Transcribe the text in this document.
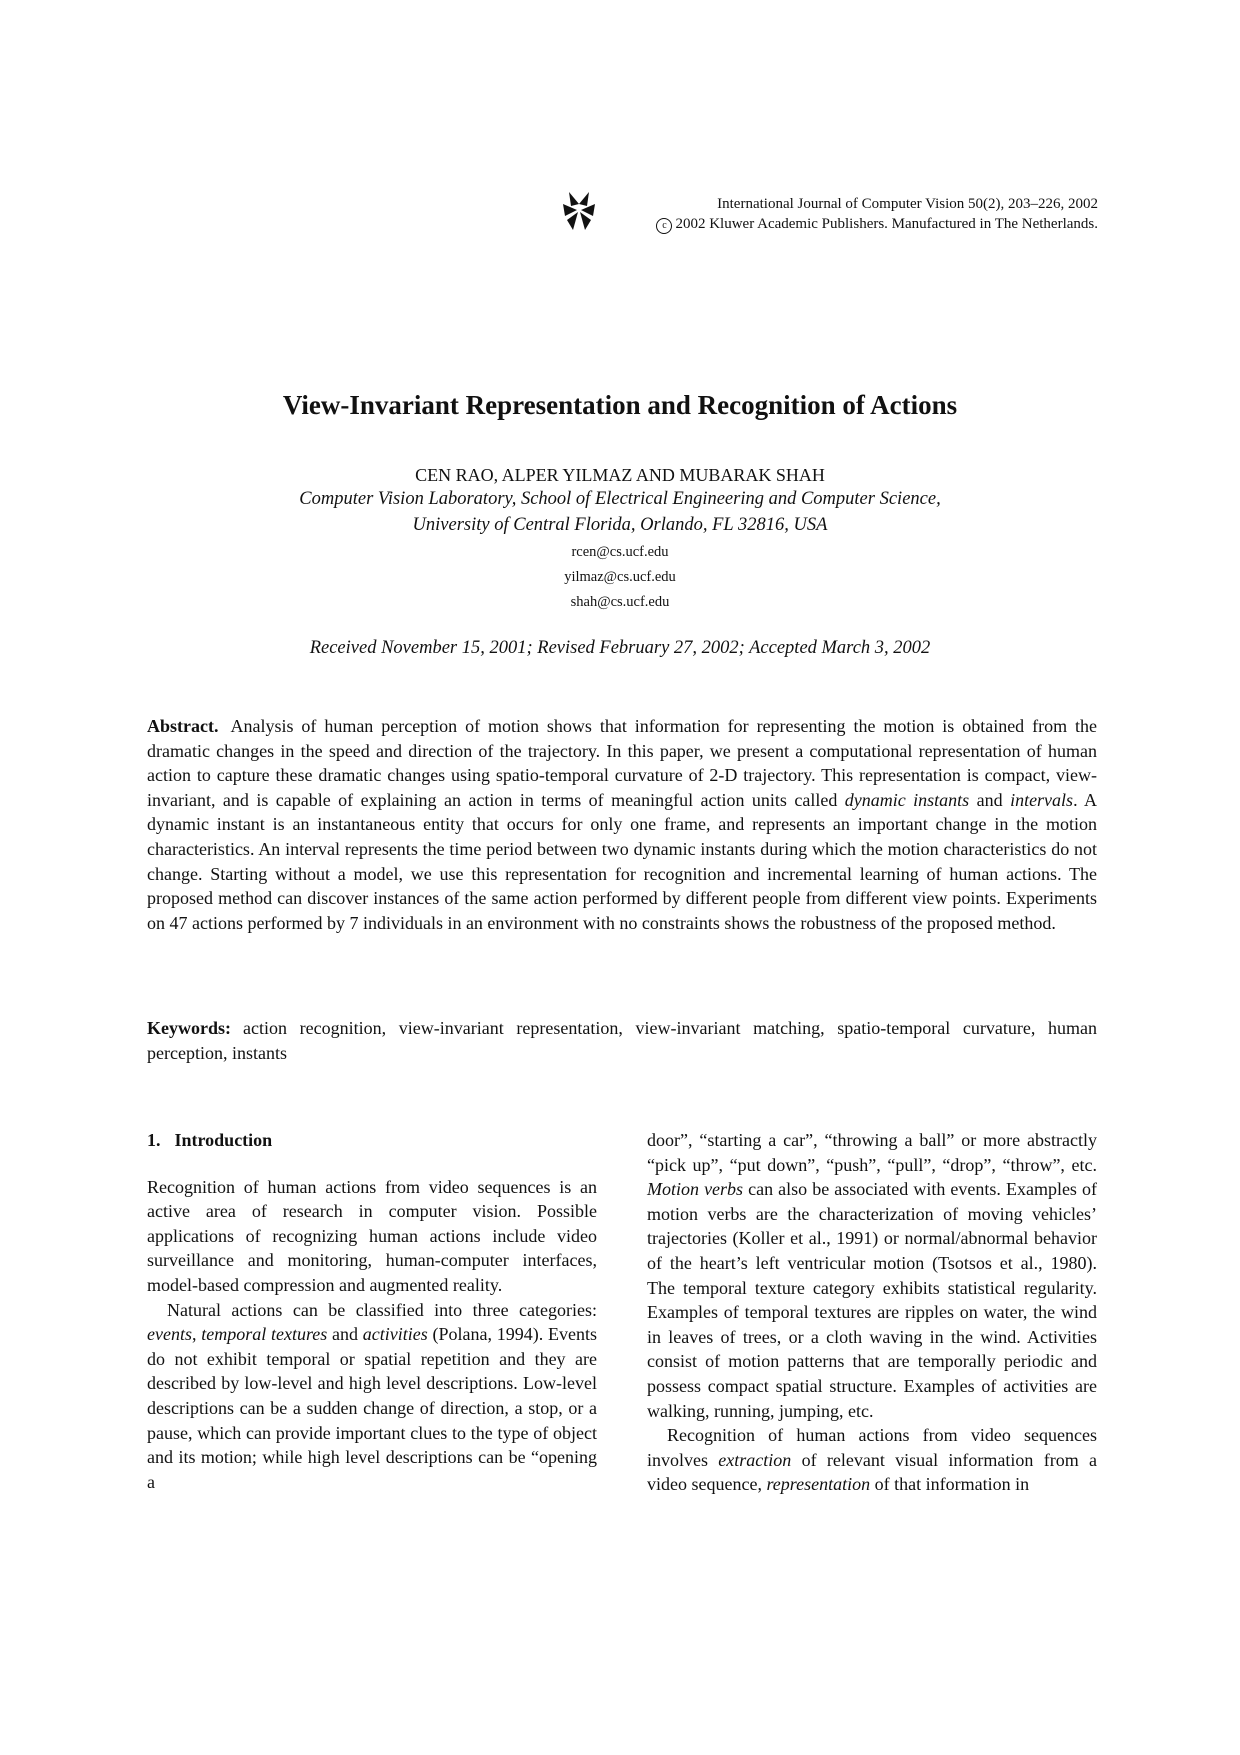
International Journal of Computer Vision 50(2), 203–226, 2002
c 2002 Kluwer Academic Publishers. Manufactured in The Netherlands.
View-Invariant Representation and Recognition of Actions
CEN RAO, ALPER YILMAZ AND MUBARAK SHAH
Computer Vision Laboratory, School of Electrical Engineering and Computer Science,
University of Central Florida, Orlando, FL 32816, USA
rcen@cs.ucf.edu
yilmaz@cs.ucf.edu
shah@cs.ucf.edu
Received November 15, 2001; Revised February 27, 2002; Accepted March 3, 2002
Abstract. Analysis of human perception of motion shows that information for representing the motion is obtained from the dramatic changes in the speed and direction of the trajectory. In this paper, we present a computational representation of human action to capture these dramatic changes using spatio-temporal curvature of 2-D trajectory. This representation is compact, view-invariant, and is capable of explaining an action in terms of meaningful action units called dynamic instants and intervals. A dynamic instant is an instantaneous entity that occurs for only one frame, and represents an important change in the motion characteristics. An interval represents the time period between two dynamic instants during which the motion characteristics do not change. Starting without a model, we use this representation for recognition and incremental learning of human actions. The proposed method can discover instances of the same action performed by different people from different view points. Experiments on 47 actions performed by 7 individuals in an environment with no constraints shows the robustness of the proposed method.
Keywords: action recognition, view-invariant representation, view-invariant matching, spatio-temporal curvature, human perception, instants
1. Introduction

Recognition of human actions from video sequences is an active area of research in computer vision. Possible applications of recognizing human actions include video surveillance and monitoring, human-computer interfaces, model-based compression and augmented reality.

Natural actions can be classified into three categories: events, temporal textures and activities (Polana, 1994). Events do not exhibit temporal or spatial repetition and they are described by low-level and high level descriptions. Low-level descriptions can be a sudden change of direction, a stop, or a pause, which can provide important clues to the type of object and its motion; while high level descriptions can be “opening a

door”, “starting a car”, “throwing a ball” or more abstractly “pick up”, “put down”, “push”, “pull”, “drop”, “throw”, etc. Motion verbs can also be associated with events. Examples of motion verbs are the characterization of moving vehicles’ trajectories (Koller et al., 1991) or normal/abnormal behavior of the heart’s left ventricular motion (Tsotsos et al., 1980). The temporal texture category exhibits statistical regularity. Examples of temporal textures are ripples on water, the wind in leaves of trees, or a cloth waving in the wind. Activities consist of motion patterns that are temporally periodic and possess compact spatial structure. Examples of activities are walking, running, jumping, etc.

Recognition of human actions from video sequences involves extraction of relevant visual information from a video sequence, representation of that information in
